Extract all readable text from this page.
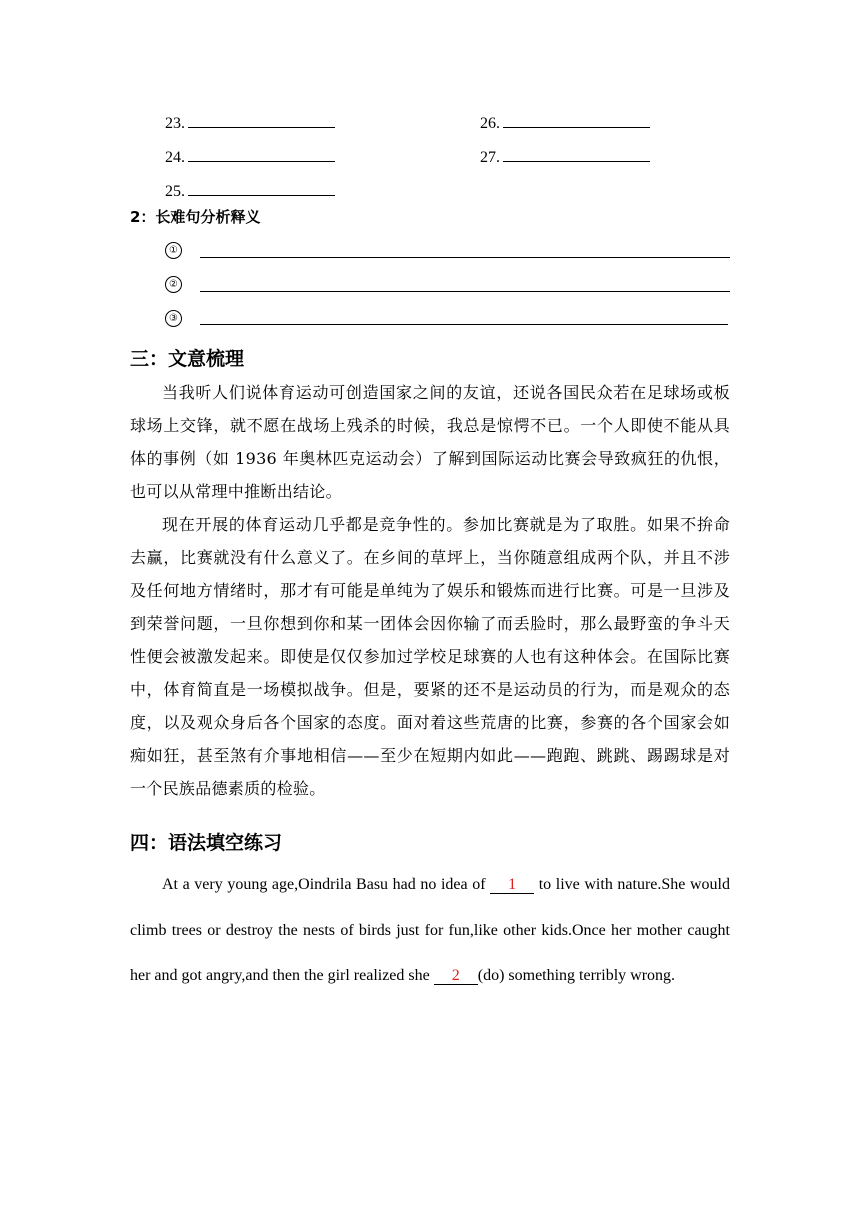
23.	26.
24.	27.
25.
2：长难句分析释义
①
②
③
三：文意梳理
当我听人们说体育运动可创造国家之间的友谊，还说各国民众若在足球场或板球场上交锋，就不愿在战场上残杀的时候，我总是惊愕不已。一个人即使不能从具体的事例（如 1936 年奥林匹克运动会）了解到国际运动比赛会导致疯狂的仇恨，也可以从常理中推断出结论。
现在开展的体育运动几乎都是竞争性的。参加比赛就是为了取胜。如果不拚命去赢，比赛就没有什么意义了。在乡间的草坪上，当你随意组成两个队，并且不涉及任何地方情绪时，那才有可能是单纯为了娱乐和锻炼而进行比赛。可是一旦涉及到荣誉问题，一旦你想到你和某一团体会因你输了而丢脸时，那么最野蛮的争斗天性便会被激发起来。即使是仅仅参加过学校足球赛的人也有这种体会。在国际比赛中，体育简直是一场模拟战争。但是，要紧的还不是运动员的行为，而是观众的态度，以及观众身后各个国家的态度。面对着这些荒唐的比赛，参赛的各个国家会如痴如狂，甚至煞有介事地相信——至少在短期内如此——跑跑、跳跳、踢踢球是对一个民族品德素质的检验。
四：语法填空练习
At a very young age,Oindrila Basu had no idea of 1 to live with nature.She would climb trees or destroy the nests of birds just for fun,like other kids.Once her mother caught her and got angry,and then the girl realized she 2 (do) something terribly wrong.
